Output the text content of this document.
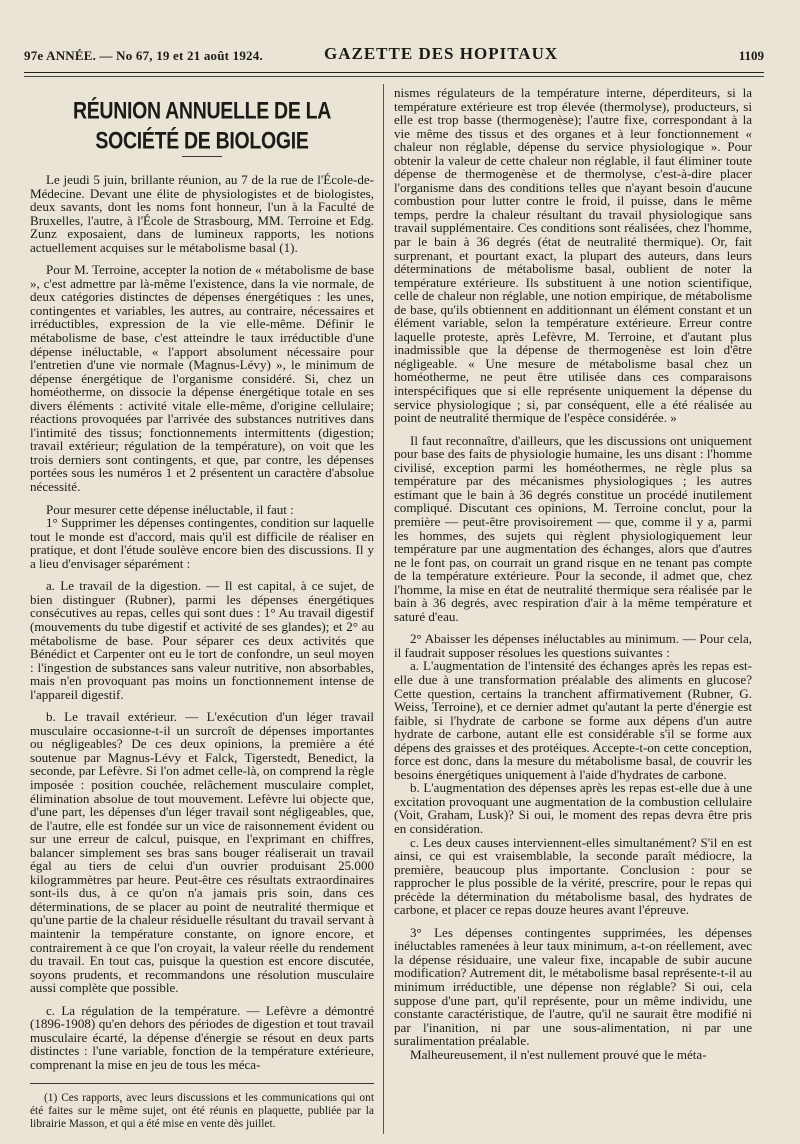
97e ANNÉE. — No 67, 19 et 21 août 1924.	GAZETTE DES HOPITAUX	1109
RÉUNION ANNUELLE DE LA SOCIÉTÉ DE BIOLOGIE

Le jeudi 5 juin, brillante réunion, au 7 de la rue de l'École-de-Médecine. Devant une élite de physiologistes et de biologistes, deux savants, dont les noms font honneur, l'un à la Faculté de Bruxelles, l'autre, à l'École de Strasbourg, MM. Terroine et Edg. Zunz exposaient, dans de lumineux rapports, les notions actuellement acquises sur le métabolisme basal (1).

Pour M. Terroine, accepter la notion de « métabolisme de base », c'est admettre par là-même l'existence, dans la vie normale, de deux catégories distinctes de dépenses énergétiques : les unes, contingentes et variables, les autres, au contraire, nécessaires et irréductibles, expression de la vie elle-même. Définir le métabolisme de base, c'est atteindre le taux irréductible d'une dépense inéluctable, « l'apport absolument nécessaire pour l'entretien d'une vie normale (Magnus-Lévy) », le minimum de dépense énergétique de l'organisme considéré. Si, chez un homéotherme, on dissocie la dépense énergétique totale en ses divers éléments : activité vitale elle-même, d'origine cellulaire; réactions provoquées par l'arrivée des substances nutritives dans l'intimité des tissus; fonctionnements intermittents (digestion; travail extérieur; régulation de la température), on voit que les trois derniers sont contingents, et que, par contre, les dépenses portées sous les numéros 1 et 2 présentent un caractère d'absolue nécessité.

Pour mesurer cette dépense inéluctable, il faut :

1° Supprimer les dépenses contingentes, condition sur laquelle tout le monde est d'accord, mais qu'il est difficile de réaliser en pratique, et dont l'étude soulève encore bien des discussions. Il y a lieu d'envisager séparément :

a. Le travail de la digestion. — Il est capital, à ce sujet, de bien distinguer (Rubner), parmi les dépenses énergétiques consécutives au repas, celles qui sont dues : 1° Au travail digestif (mouvements du tube digestif et activité de ses glandes); et 2° au métabolisme de base. Pour séparer ces deux activités que Bénédict et Carpenter ont eu le tort de confondre, un seul moyen : l'ingestion de substances sans valeur nutritive, non absorbables, mais n'en provoquant pas moins un fonctionnement intense de l'appareil digestif.

b. Le travail extérieur. — L'exécution d'un léger travail musculaire occasionne-t-il un surcroît de dépenses importantes ou négligeables? De ces deux opinions, la première a été soutenue par Magnus-Lévy et Falck, Tigerstedt, Benedict, la seconde, par Lefèvre. Si l'on admet celle-là, on comprend la règle imposée : position couchée, relâchement musculaire complet, élimination absolue de tout mouvement. Lefèvre lui objecte que, d'une part, les dépenses d'un léger travail sont négligeables, que, de l'autre, elle est fondée sur un vice de raisonnement évident ou sur une erreur de calcul, puisque, en l'exprimant en chiffres, balancer simplement ses bras sans bouger réaliserait un travail égal au tiers de celui d'un ouvrier produisant 25.000 kilogrammètres par heure. Peut-être ces résultats extraordinaires sont-ils dus, à ce qu'on n'a jamais pris soin, dans ces déterminations, de se placer au point de neutralité thermique et qu'une partie de la chaleur résiduelle résultant du travail servant à maintenir la température constante, on ignore encore, et contrairement à ce que l'on croyait, la valeur réelle du rendement du travail. En tout cas, puisque la question est encore discutée, soyons prudents, et recommandons une résolution musculaire aussi complète que possible.

c. La régulation de la température. — Lefèvre a démontré (1896-1908) qu'en dehors des périodes de digestion et tout travail musculaire écarté, la dépense d'énergie se résout en deux parts distinctes : l'une variable, fonction de la température extérieure, comprenant la mise en jeu de tous les méca-

(1) Ces rapports, avec leurs discussions et les communications qui ont été faites sur le même sujet, ont été réunis en plaquette, publiée par la librairie Masson, et qui a été mise en vente dès juillet.

nismes régulateurs de la température interne, déperditeurs, si la température extérieure est trop élevée (thermolyse), producteurs, si elle est trop basse (thermogenèse); l'autre fixe, correspondant à la vie même des tissus et des organes et à leur fonctionnement « chaleur non réglable, dépense du service physiologique ». Pour obtenir la valeur de cette chaleur non réglable, il faut éliminer toute dépense de thermogenèse et de thermolyse, c'est-à-dire placer l'organisme dans des conditions telles que n'ayant besoin d'aucune combustion pour lutter contre le froid, il puisse, dans le même temps, perdre la chaleur résultant du travail physiologique sans travail supplémentaire. Ces conditions sont réalisées, chez l'homme, par le bain à 36 degrés (état de neutralité thermique). Or, fait surprenant, et pourtant exact, la plupart des auteurs, dans leurs déterminations de métabolisme basal, oublient de noter la température extérieure. Ils substituent à une notion scientifique, celle de chaleur non réglable, une notion empirique, de métabolisme de base, qu'ils obtiennent en additionnant un élément constant et un élément variable, selon la température extérieure. Erreur contre laquelle proteste, après Lefèvre, M. Terroine, et d'autant plus inadmissible que la dépense de thermogenèse est loin d'être négligeable. « Une mesure de métabolisme basal chez un homéotherme, ne peut être utilisée dans ces comparaisons interspécifiques que si elle représente uniquement la dépense du service physiologique ; si, par conséquent, elle a été réalisée au point de neutralité thermique de l'espèce considérée. »

Il faut reconnaître, d'ailleurs, que les discussions ont uniquement pour base des faits de physiologie humaine, les uns disant : l'homme civilisé, exception parmi les homéothermes, ne règle plus sa température par des mécanismes physiologiques ; les autres estimant que le bain à 36 degrés constitue un procédé inutilement compliqué. Discutant ces opinions, M. Terroine conclut, pour la première — peut-être provisoirement — que, comme il y a, parmi les hommes, des sujets qui règlent physiologiquement leur température par une augmentation des échanges, alors que d'autres ne le font pas, on courrait un grand risque en ne tenant pas compte de la température extérieure. Pour la seconde, il admet que, chez l'homme, la mise en état de neutralité thermique sera réalisée par le bain à 36 degrés, avec respiration d'air à la même température et saturé d'eau.

2° Abaisser les dépenses inéluctables au minimum. — Pour cela, il faudrait supposer résolues les questions suivantes :

a. L'augmentation de l'intensité des échanges après les repas est-elle due à une transformation préalable des aliments en glucose? Cette question, certains la tranchent affirmativement (Rubner, G. Weiss, Terroine), et ce dernier admet qu'autant la perte d'énergie est faible, si l'hydrate de carbone se forme aux dépens d'un autre hydrate de carbone, autant elle est considérable s'il se forme aux dépens des graisses et des protéiques. Accepte-t-on cette conception, force est donc, dans la mesure du métabolisme basal, de couvrir les besoins énergétiques uniquement à l'aide d'hydrates de carbone.

b. L'augmentation des dépenses après les repas est-elle due à une excitation provoquant une augmentation de la combustion cellulaire (Voit, Graham, Lusk)? Si oui, le moment des repas devra être pris en considération.

c. Les deux causes interviennent-elles simultanément? S'il en est ainsi, ce qui est vraisemblable, la seconde paraît médiocre, la première, beaucoup plus importante. Conclusion : pour se rapprocher le plus possible de la vérité, prescrire, pour le repas qui précède la détermination du métabolisme basal, des hydrates de carbone, et placer ce repas douze heures avant l'épreuve.

3° Les dépenses contingentes supprimées, les dépenses inéluctables ramenées à leur taux minimum, a-t-on réellement, avec la dépense résiduaire, une valeur fixe, incapable de subir aucune modification? Autrement dit, le métabolisme basal représente-t-il au minimum irréductible, une dépense non réglable? Si oui, cela suppose d'une part, qu'il représente, pour un même individu, une constante caractéristique, de l'autre, qu'il ne saurait être modifié ni par l'inanition, ni par une sous-alimentation, ni par une suralimentation préalable.

Malheureusement, il n'est nullement prouvé que le méta-
